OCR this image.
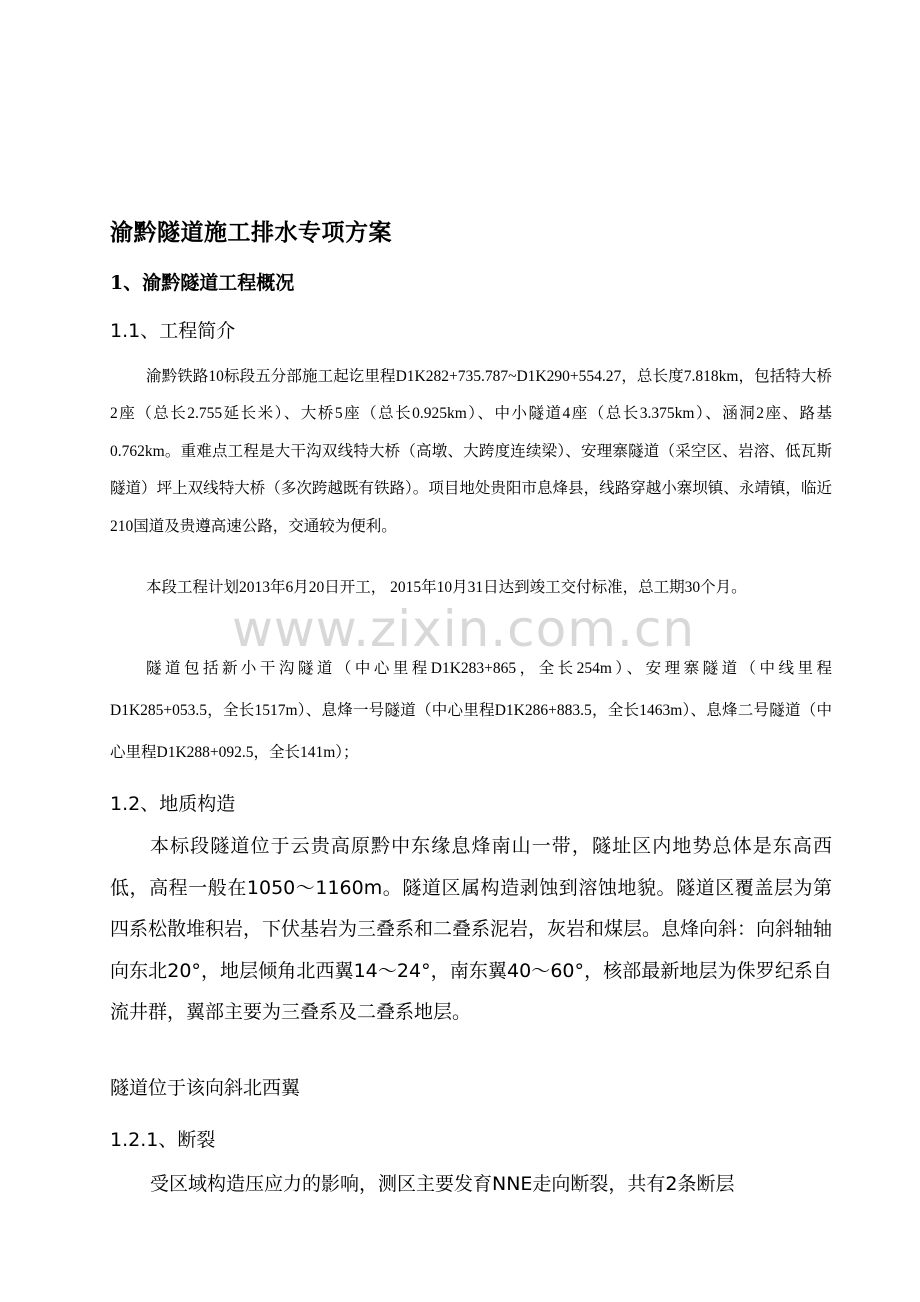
渝黔隧道施工排水专项方案
1、渝黔隧道工程概况
1.1、工程简介

渝黔铁路10标段五分部施工起讫里程D1K282+735.787~D1K290+554.27，总长度7.818km，包括特大桥2座（总长2.755延长米）、大桥5座（总长0.925km）、中小隧道4座（总长3.375km）、涵洞2座、路基0.762km。重难点工程是大干沟双线特大桥（高墩、大跨度连续梁）、安理寨隧道（采空区、岩溶、低瓦斯隧道）坪上双线特大桥（多次跨越既有铁路）。项目地处贵阳市息烽县，线路穿越小寨坝镇、永靖镇，临近210国道及贵遵高速公路，交通较为便利。

本段工程计划2013年6月20日开工， 2015年10月31日达到竣工交付标准，总工期30个月。

隧道包括新小干沟隧道（中心里程D1K283+865，全长254m）、安理寨隧道（中线里程D1K285+053.5，全长1517m）、息烽一号隧道（中心里程D1K286+883.5，全长1463m）、息烽二号隧道（中心里程D1K288+092.5，全长141m）；

1.2、地质构造

本标段隧道位于云贵高原黔中东缘息烽南山一带，隧址区内地势总体是东高西低，高程一般在1050～1160m。隧道区属构造剥蚀到溶蚀地貌。隧道区覆盖层为第四系松散堆积岩，下伏基岩为三叠系和二叠系泥岩，灰岩和煤层。息烽向斜：向斜轴轴向东北20°，地层倾角北西翼14～24°，南东翼40～60°，核部最新地层为侏罗纪系自流井群，翼部主要为三叠系及二叠系地层。

隧道位于该向斜北西翼

1.2.1、断裂

受区域构造压应力的影响，测区主要发育NNE走向断裂，共有2条断层

www.zixin.com.cn
